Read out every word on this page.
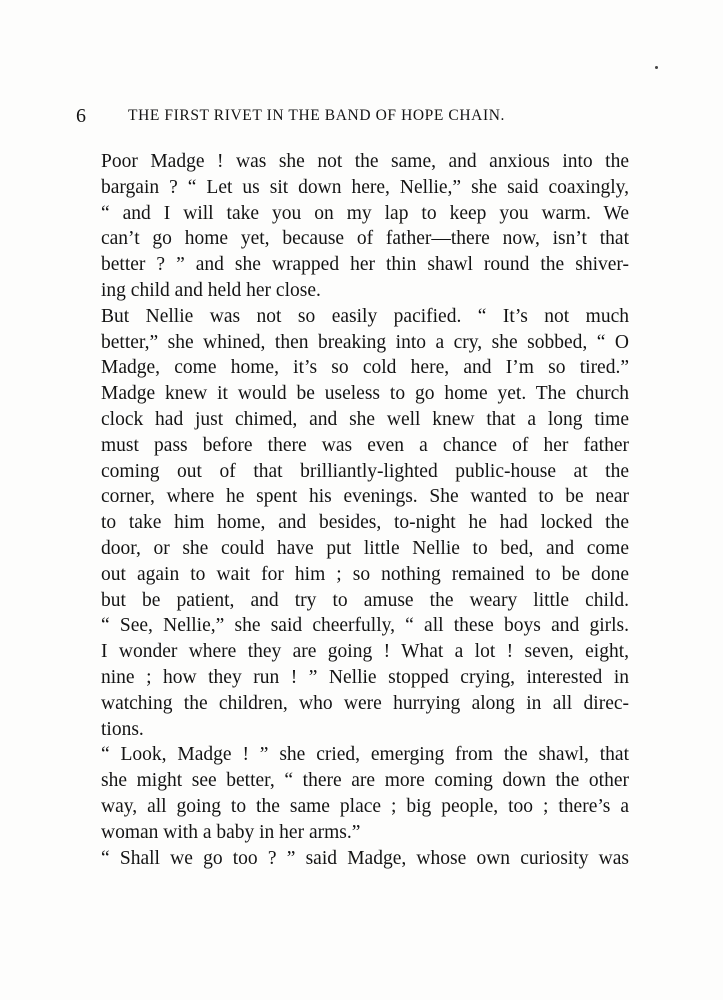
6	THE FIRST RIVET IN THE BAND OF HOPE CHAIN.
Poor Madge ! was she not the same, and anxious into the
bargain ? “ Let us sit down here, Nellie,” she said coaxingly,
“ and I will take you on my lap to keep you warm. We
can’t go home yet, because of father—there now, isn’t that
better ? ” and she wrapped her thin shawl round the shiver-
ing child and held her close.
But Nellie was not so easily pacified. “ It’s not much
better,” she whined, then breaking into a cry, she sobbed, “ O
Madge, come home, it’s so cold here, and I’m so tired.”
Madge knew it would be useless to go home yet. The church
clock had just chimed, and she well knew that a long time
must pass before there was even a chance of her father
coming out of that brilliantly-lighted public-house at the
corner, where he spent his evenings. She wanted to be near
to take him home, and besides, to-night he had locked the
door, or she could have put little Nellie to bed, and come
out again to wait for him ; so nothing remained to be done
but be patient, and try to amuse the weary little child.
“ See, Nellie,” she said cheerfully, “ all these boys and girls.
I wonder where they are going ! What a lot ! seven, eight,
nine ; how they run ! ” Nellie stopped crying, interested in
watching the children, who were hurrying along in all direc-
tions.
“ Look, Madge ! ” she cried, emerging from the shawl, that
she might see better, “ there are more coming down the other
way, all going to the same place ; big people, too ; there’s a
woman with a baby in her arms.”
“ Shall we go too ? ” said Madge, whose own curiosity was
